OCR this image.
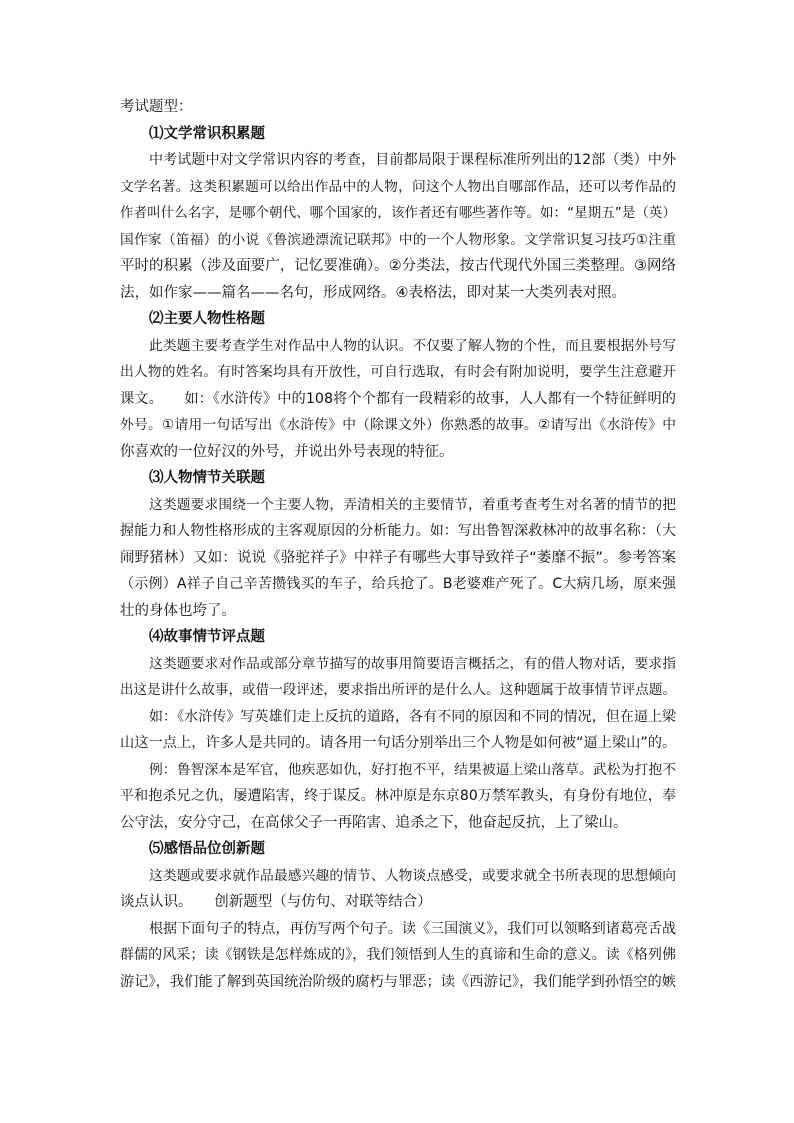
考试题型：
⑴文学常识积累题
中考试题中对文学常识内容的考查，目前都局限于课程标准所列出的12部（类）中外
文学名著。这类积累题可以给出作品中的人物，问这个人物出自哪部作品，还可以考作品的
作者叫什么名字，是哪个朝代、哪个国家的，该作者还有哪些著作等。如：“星期五”是（英）
国作家（笛福）的小说《鲁滨逊漂流记联邦》中的一个人物形象。文学常识复习技巧①注重
平时的积累（涉及面要广，记忆要准确）。②分类法，按古代现代外国三类整理。③网络
法，如作家——篇名——名句，形成网络。④表格法，即对某一大类列表对照。
⑵主要人物性格题
此类题主要考查学生对作品中人物的认识。不仅要了解人物的个性，而且要根据外号写
出人物的姓名。有时答案均具有开放性，可自行选取，有时会有附加说明，要学生注意避开
课文。　　如：《水浒传》中的108将个个都有一段精彩的故事，人人都有一个特征鲜明的
外号。①请用一句话写出《水浒传》中（除课文外）你熟悉的故事。②请写出《水浒传》中
你喜欢的一位好汉的外号，并说出外号表现的特征。
⑶人物情节关联题
这类题要求围绕一个主要人物，弄清相关的主要情节，着重考查考生对名著的情节的把
握能力和人物性格形成的主客观原因的分析能力。如：写出鲁智深救林冲的故事名称：（大
闹野猪林）又如：说说《骆驼祥子》中祥子有哪些大事导致祥子“萎靡不振”。参考答案
（示例）A祥子自己辛苦攒钱买的车子，给兵抢了。B老婆难产死了。C大病几场，原来强
壮的身体也垮了。
⑷故事情节评点题
这类题要求对作品或部分章节描写的故事用简要语言概括之，有的借人物对话，要求指
出这是讲什么故事，或借一段评述，要求指出所评的是什么人。这种题属于故事情节评点题。
如：《水浒传》写英雄们走上反抗的道路，各有不同的原因和不同的情况，但在逼上梁
山这一点上，许多人是共同的。请各用一句话分别举出三个人物是如何被“逼上梁山”的。
例：鲁智深本是军官，他疾恶如仇，好打抱不平，结果被逼上梁山落草。武松为打抱不
平和抱杀兄之仇，屡遭陷害，终于谋反。林冲原是东京80万禁军教头，有身份有地位，奉
公守法，安分守己，在高俅父子一再陷害、追杀之下，他奋起反抗，上了梁山。
⑸感悟品位创新题
这类题或要求就作品最感兴趣的情节、人物谈点感受，或要求就全书所表现的思想倾向
谈点认识。　　创新题型（与仿句、对联等结合）
根据下面句子的特点，再仿写两个句子。读《三国演义》，我们可以领略到诸葛亮舌战
群儒的风采；读《钢铁是怎样炼成的》，我们领悟到人生的真谛和生命的意义。读《格列佛
游记》，我们能了解到英国统治阶级的腐朽与罪恶；读《西游记》，我们能学到孙悟空的嫉
